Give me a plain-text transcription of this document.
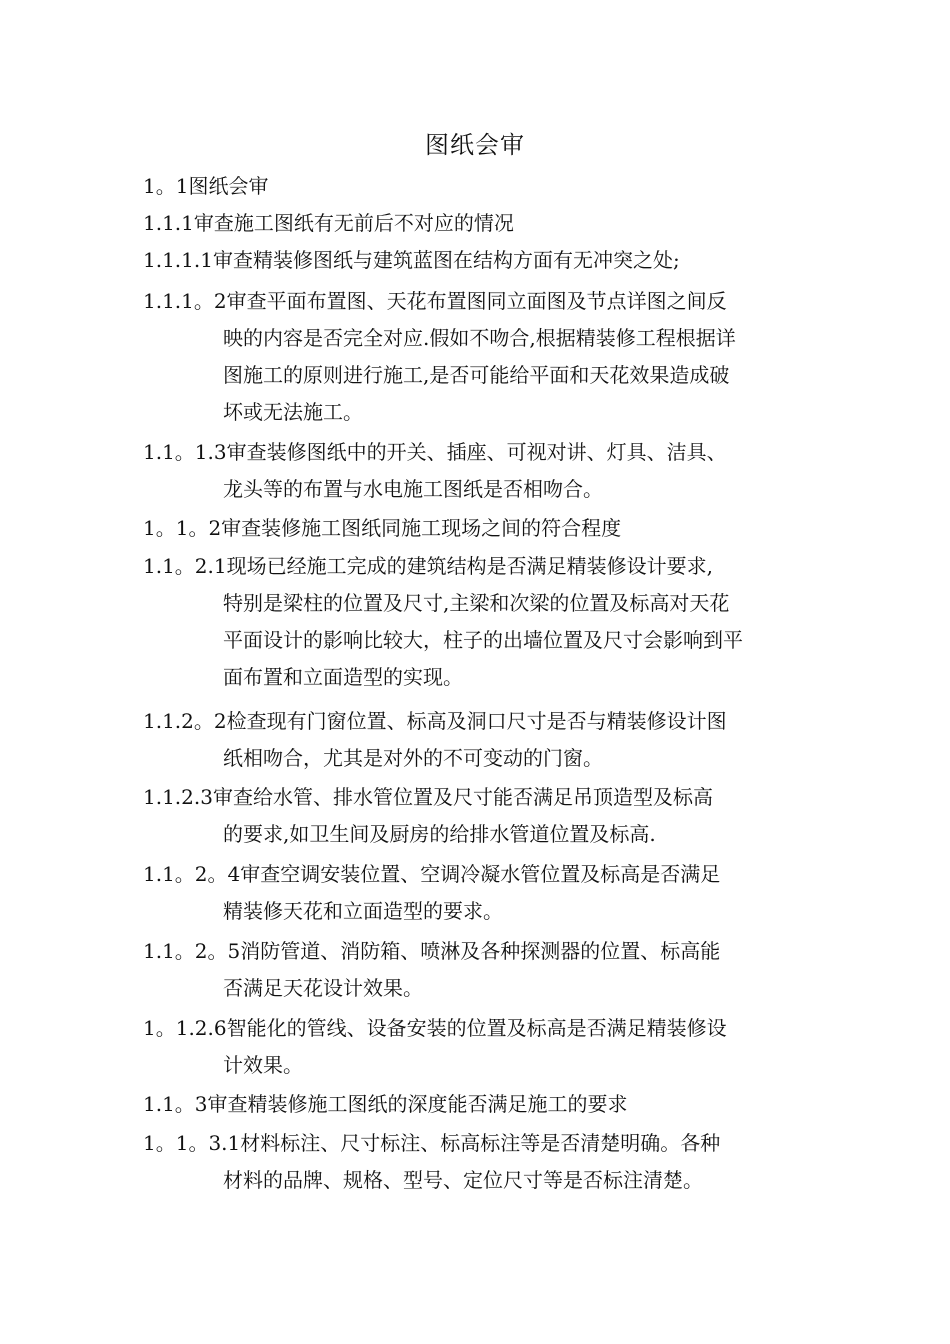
图纸会审
1。1图纸会审
1.1.1审查施工图纸有无前后不对应的情况
1.1.1.1审查精装修图纸与建筑蓝图在结构方面有无冲突之处;
1.1.1。2审查平面布置图、天花布置图同立面图及节点详图之间反
映的内容是否完全对应.假如不吻合,根据精装修工程根据详
图施工的原则进行施工,是否可能给平面和天花效果造成破
坏或无法施工。
1.1。1.3审查装修图纸中的开关、插座、可视对讲、灯具、洁具、
龙头等的布置与水电施工图纸是否相吻合。
1。1。2审查装修施工图纸同施工现场之间的符合程度
1.1。2.1现场已经施工完成的建筑结构是否满足精装修设计要求,
特别是梁柱的位置及尺寸,主梁和次梁的位置及标高对天花
平面设计的影响比较大，柱子的出墙位置及尺寸会影响到平
面布置和立面造型的实现。
1.1.2。2检查现有门窗位置、标高及洞口尺寸是否与精装修设计图
纸相吻合，尤其是对外的不可变动的门窗。
1.1.2.3审查给水管、排水管位置及尺寸能否满足吊顶造型及标高
的要求,如卫生间及厨房的给排水管道位置及标高.
1.1。2。4审查空调安装位置、空调冷凝水管位置及标高是否满足
精装修天花和立面造型的要求。
1.1。2。5消防管道、消防箱、喷淋及各种探测器的位置、标高能
否满足天花设计效果。
1。1.2.6智能化的管线、设备安装的位置及标高是否满足精装修设
计效果。
1.1。3审查精装修施工图纸的深度能否满足施工的要求
1。1。3.1材料标注、尺寸标注、标高标注等是否清楚明确。各种
材料的品牌、规格、型号、定位尺寸等是否标注清楚。
